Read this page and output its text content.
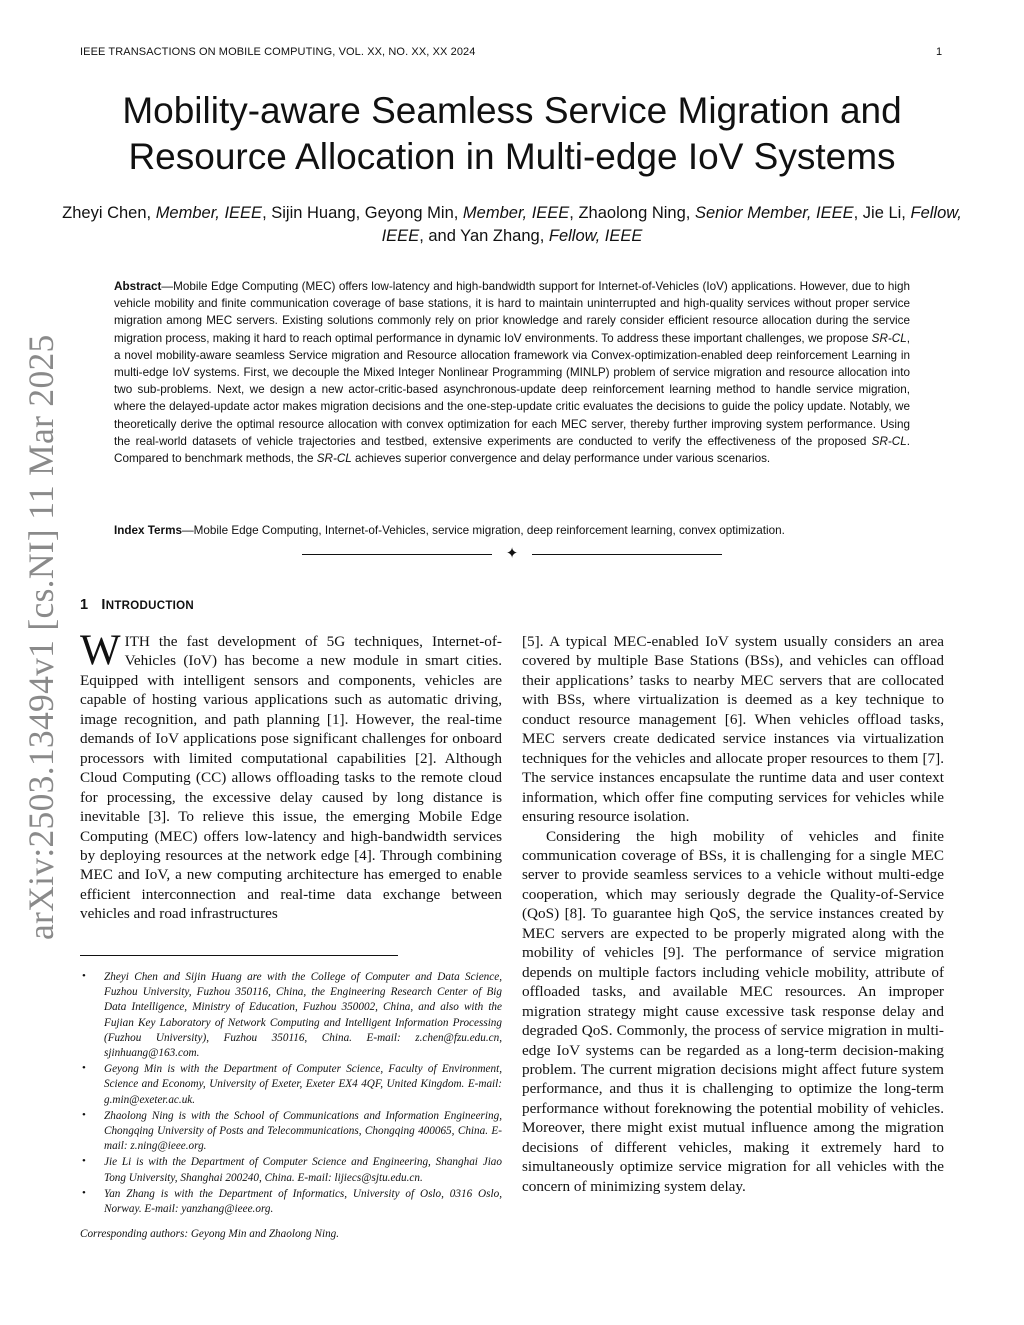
IEEE TRANSACTIONS ON MOBILE COMPUTING, VOL. XX, NO. XX, XX 2024	1
arXiv:2503.13494v1 [cs.NI] 11 Mar 2025
Mobility-aware Seamless Service Migration and Resource Allocation in Multi-edge IoV Systems
Zheyi Chen, Member, IEEE, Sijin Huang, Geyong Min, Member, IEEE, Zhaolong Ning, Senior Member, IEEE, Jie Li, Fellow, IEEE, and Yan Zhang, Fellow, IEEE
Abstract—Mobile Edge Computing (MEC) offers low-latency and high-bandwidth support for Internet-of-Vehicles (IoV) applications. However, due to high vehicle mobility and finite communication coverage of base stations, it is hard to maintain uninterrupted and high-quality services without proper service migration among MEC servers. Existing solutions commonly rely on prior knowledge and rarely consider efficient resource allocation during the service migration process, making it hard to reach optimal performance in dynamic IoV environments. To address these important challenges, we propose SR-CL, a novel mobility-aware seamless Service migration and Resource allocation framework via Convex-optimization-enabled deep reinforcement Learning in multi-edge IoV systems. First, we decouple the Mixed Integer Nonlinear Programming (MINLP) problem of service migration and resource allocation into two sub-problems. Next, we design a new actor-critic-based asynchronous-update deep reinforcement learning method to handle service migration, where the delayed-update actor makes migration decisions and the one-step-update critic evaluates the decisions to guide the policy update. Notably, we theoretically derive the optimal resource allocation with convex optimization for each MEC server, thereby further improving system performance. Using the real-world datasets of vehicle trajectories and testbed, extensive experiments are conducted to verify the effectiveness of the proposed SR-CL. Compared to benchmark methods, the SR-CL achieves superior convergence and delay performance under various scenarios.
Index Terms—Mobile Edge Computing, Internet-of-Vehicles, service migration, deep reinforcement learning, convex optimization.
✦
1 INTRODUCTION
WITH the fast development of 5G techniques, Internet-of-Vehicles (IoV) has become a new module in smart cities. Equipped with intelligent sensors and components, vehicles are capable of hosting various applications such as automatic driving, image recognition, and path planning [1]. However, the real-time demands of IoV applications pose significant challenges for onboard processors with limited computational capabilities [2]. Although Cloud Computing (CC) allows offloading tasks to the remote cloud for processing, the excessive delay caused by long distance is inevitable [3]. To relieve this issue, the emerging Mobile Edge Computing (MEC) offers low-latency and high-bandwidth services by deploying resources at the network edge [4]. Through combining MEC and IoV, a new computing architecture has emerged to enable efficient interconnection and real-time data exchange between vehicles and road infrastructures
[5]. A typical MEC-enabled IoV system usually considers an area covered by multiple Base Stations (BSs), and vehicles can offload their applications’ tasks to nearby MEC servers that are collocated with BSs, where virtualization is deemed as a key technique to conduct resource management [6]. When vehicles offload tasks, MEC servers create dedicated service instances via virtualization techniques for the vehicles and allocate proper resources to them [7]. The service instances encapsulate the runtime data and user context information, which offer fine computing services for vehicles while ensuring resource isolation.
Considering the high mobility of vehicles and finite communication coverage of BSs, it is challenging for a single MEC server to provide seamless services to a vehicle without multi-edge cooperation, which may seriously degrade the Quality-of-Service (QoS) [8]. To guarantee high QoS, the service instances created by MEC servers are expected to be properly migrated along with the mobility of vehicles [9]. The performance of service migration depends on multiple factors including vehicle mobility, attribute of offloaded tasks, and available MEC resources. An improper migration strategy might cause excessive task response delay and degraded QoS. Commonly, the process of service migration in multi-edge IoV systems can be regarded as a long-term decision-making problem. The current migration decisions might affect future system performance, and thus it is challenging to optimize the long-term performance without foreknowing the potential mobility of vehicles. Moreover, there might exist mutual influence among the migration decisions of different vehicles, making it extremely hard to simultaneously optimize service migration for all vehicles with the concern of minimizing system delay.
• Zheyi Chen and Sijin Huang are with the College of Computer and Data Science, Fuzhou University, Fuzhou 350116, China, the Engineering Research Center of Big Data Intelligence, Ministry of Education, Fuzhou 350002, China, and also with the Fujian Key Laboratory of Network Computing and Intelligent Information Processing (Fuzhou University), Fuzhou 350116, China. E-mail: z.chen@fzu.edu.cn, sjinhuang@163.com.
• Geyong Min is with the Department of Computer Science, Faculty of Environment, Science and Economy, University of Exeter, Exeter EX4 4QF, United Kingdom. E-mail: g.min@exeter.ac.uk.
• Zhaolong Ning is with the School of Communications and Information Engineering, Chongqing University of Posts and Telecommunications, Chongqing 400065, China. E-mail: z.ning@ieee.org.
• Jie Li is with the Department of Computer Science and Engineering, Shanghai Jiao Tong University, Shanghai 200240, China. E-mail: lijiecs@sjtu.edu.cn.
• Yan Zhang is with the Department of Informatics, University of Oslo, 0316 Oslo, Norway. E-mail: yanzhang@ieee.org.
Corresponding authors: Geyong Min and Zhaolong Ning.
